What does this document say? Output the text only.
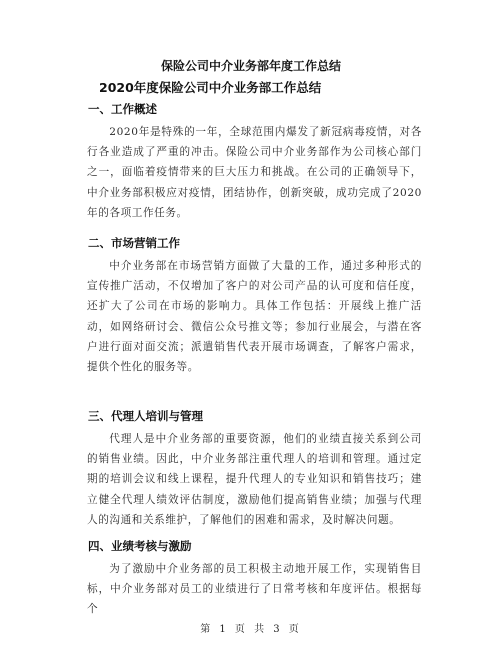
保险公司中介业务部年度工作总结
2020年度保险公司中介业务部工作总结
一、工作概述
2020年是特殊的一年，全球范围内爆发了新冠病毒疫情，对各行各业造成了严重的冲击。保险公司中介业务部作为公司核心部门之一，面临着疫情带来的巨大压力和挑战。在公司的正确领导下，中介业务部积极应对疫情，团结协作，创新突破，成功完成了2020年的各项工作任务。
二、市场营销工作
中介业务部在市场营销方面做了大量的工作，通过多种形式的宣传推广活动，不仅增加了客户的对公司产品的认可度和信任度，还扩大了公司在市场的影响力。具体工作包括：开展线上推广活动，如网络研讨会、微信公众号推文等；参加行业展会，与潜在客户进行面对面交流；派遣销售代表开展市场调查，了解客户需求，提供个性化的服务等。
三、代理人培训与管理
代理人是中介业务部的重要资源，他们的业绩直接关系到公司的销售业绩。因此，中介业务部注重代理人的培训和管理。通过定期的培训会议和线上课程，提升代理人的专业知识和销售技巧；建立健全代理人绩效评估制度，激励他们提高销售业绩；加强与代理人的沟通和关系维护，了解他们的困难和需求，及时解决问题。
四、业绩考核与激励
为了激励中介业务部的员工积极主动地开展工作，实现销售目标，中介业务部对员工的业绩进行了日常考核和年度评估。根据每个
第 1 页 共 3 页
